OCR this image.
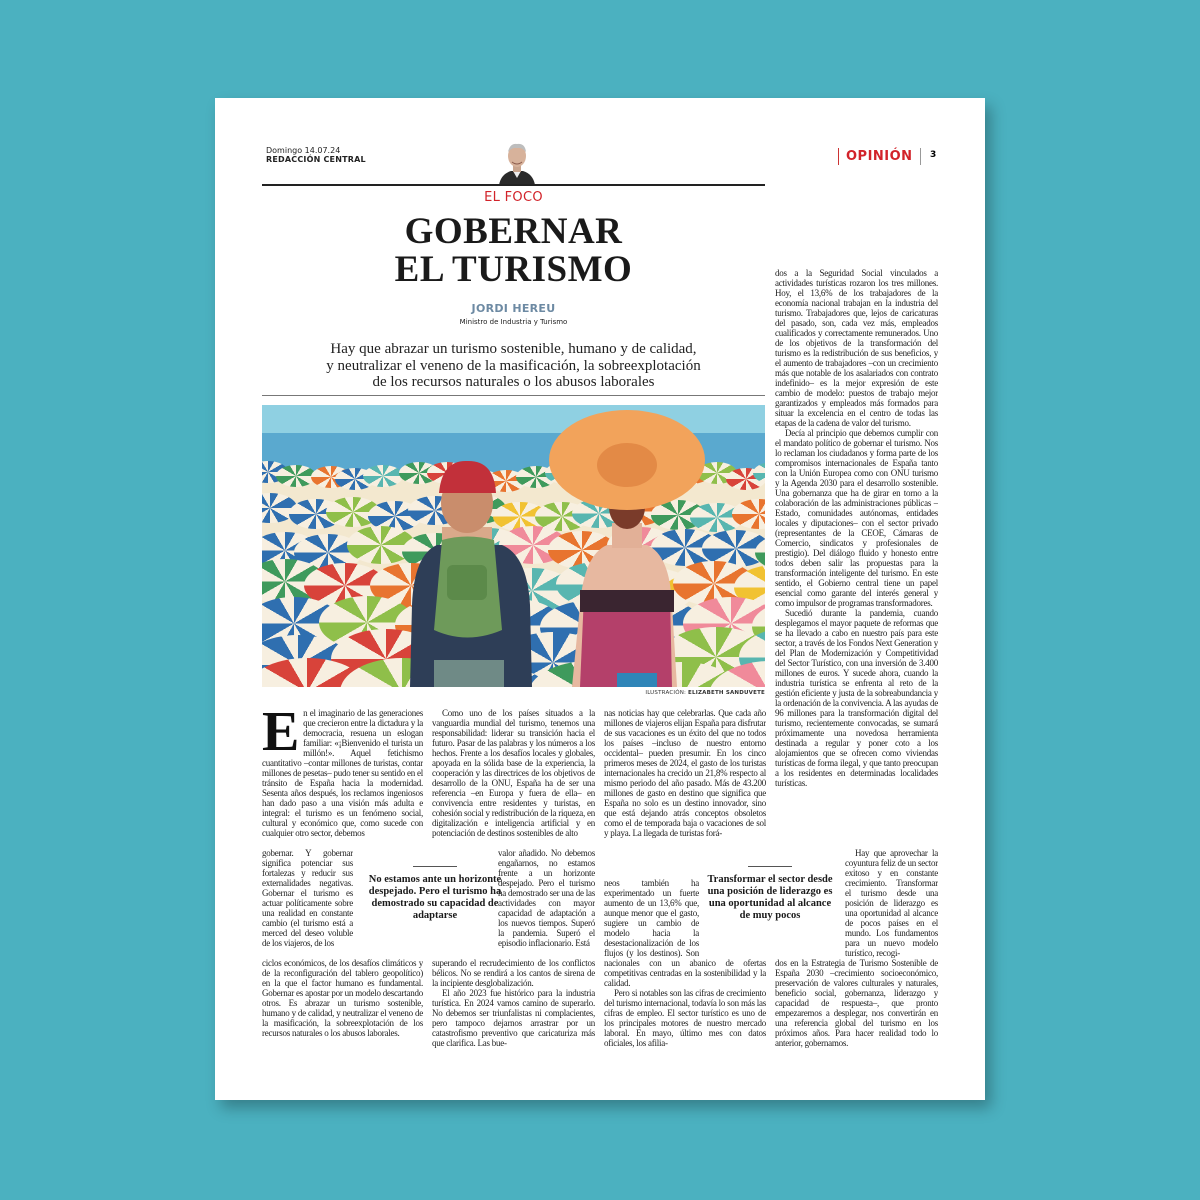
Domingo 14.07.24
REDACCIÓN CENTRAL	OPINIÓN	3
EL FOCO
GOBERNAR
EL TURISMO
JORDI HEREU
Ministro de Industria y Turismo
Hay que abrazar un turismo sostenible, humano y de calidad,
y neutralizar el veneno de la masificación, la sobreexplotación
de los recursos naturales o los abusos laborales
ILUSTRACIÓN: ELIZABETH SANDUVETE
E n el imaginario de las generaciones que crecieron entre la dictadura y la democracia, resuena un eslogan familiar: «¡Bienvenido el turista un millón!». Aquel fetichismo cuantitativo –contar millones de turistas, contar millones de pesetas– pudo tener su sentido en el tránsito de España hacia la modernidad. Sesenta años después, los reclamos ingeniosos han dado paso a una visión más adulta e integral: el turismo es un fenómeno social, cultural y económico que, como sucede con cualquier otro sector, debemos

gobernar. Y gobernar significa potenciar sus fortalezas y reducir sus externalidades negativas. Gobernar el turismo es actuar políticamente sobre una realidad en constante cambio (el turismo está a merced del deseo voluble de los viajeros, de los

ciclos económicos, de los desafíos climáticos y de la reconfiguración del tablero geopolítico) en la que el factor humano es fundamental. Gobernar es apostar por un modelo descartando otros. Es abrazar un turismo sostenible, humano y de calidad, y neutralizar el veneno de la masificación, la sobreexplotación de los recursos naturales o los abusos laborales.

Como uno de los países situados a la vanguardia mundial del turismo, tenemos una responsabilidad: liderar su transición hacia el futuro. Pasar de las palabras y los números a los hechos. Frente a los desafíos locales y globales, apoyada en la sólida base de la experiencia, la cooperación y las directrices de los objetivos de desarrollo de la ONU, España ha de ser una referencia –en Europa y fuera de ella– en convivencia entre residentes y turistas, en cohesión social y redistribución de la riqueza, en digitalización e inteligencia artificial y en potenciación de destinos sostenibles de alto

No estamos ante un horizonte despejado. Pero el turismo ha demostrado su capacidad de adaptarse

valor añadido. No debemos engañarnos, no estamos frente a un horizonte despejado. Pero el turismo ha demostrado ser una de las actividades con mayor capacidad de adaptación a los nuevos tiempos. Superó la pandemia. Superó el episodio inflacionario. Está

superando el recrudecimiento de los conflictos bélicos. No se rendirá a los cantos de sirena de la incipiente desglobalización.

El año 2023 fue histórico para la industria turística. En 2024 vamos camino de superarlo. No debemos ser triunfalistas ni complacientes, pero tampoco dejarnos arrastrar por un catastrofismo preventivo que caricaturiza más que clarifica. Las bue-

nas noticias hay que celebrarlas. Que cada año millones de viajeros elijan España para disfrutar de sus vacaciones es un éxito del que no todos los países –incluso de nuestro entorno occidental– pueden presumir. En los cinco primeros meses de 2024, el gasto de los turistas internacionales ha crecido un 21,8% respecto al mismo periodo del año pasado. Más de 43.200 millones de gasto en destino que significa que España no solo es un destino innovador, sino que está dejando atrás conceptos obsoletos como el de temporada baja o vacaciones de sol y playa. La llegada de turistas forá-

neos también ha experimentado un fuerte aumento de un 13,6% que, aunque menor que el gasto, sugiere un cambio de modelo hacia la desestacionalización de los flujos (y los destinos). Son

Transformar el sector desde una posición de liderazgo es una oportunidad al alcance de muy pocos

nacionales con un abanico de ofertas competitivas centradas en la sostenibilidad y la calidad.

Pero si notables son las cifras de crecimiento del turismo internacional, todavía lo son más las cifras de empleo. El sector turístico es uno de los principales motores de nuestro mercado laboral. En mayo, último mes con datos oficiales, los afilia-

dos a la Seguridad Social vinculados a actividades turísticas rozaron los tres millones. Hoy, el 13,6% de los trabajadores de la economía nacional trabajan en la industria del turismo. Trabajadores que, lejos de caricaturas del pasado, son, cada vez más, empleados cualificados y correctamente remunerados. Uno de los objetivos de la transformación del turismo es la redistribución de sus beneficios, y el aumento de trabajadores –con un crecimiento más que notable de los asalariados con contrato indefinido– es la mejor expresión de este cambio de modelo: puestos de trabajo mejor garantizados y empleados más formados para situar la excelencia en el centro de todas las etapas de la cadena de valor del turismo.

Decía al principio que debemos cumplir con el mandato político de gobernar el turismo. Nos lo reclaman los ciudadanos y forma parte de los compromisos internacionales de España tanto con la Unión Europea como con ONU turismo y la Agenda 2030 para el desarrollo sostenible. Una gobernanza que ha de girar en torno a la colaboración de las administraciones públicas –Estado, comunidades autónomas, entidades locales y diputaciones– con el sector privado (representantes de la CEOE, Cámaras de Comercio, sindicatos y profesionales de prestigio). Del diálogo fluido y honesto entre todos deben salir las propuestas para la transformación inteligente del turismo. En este sentido, el Gobierno central tiene un papel esencial como garante del interés general y como impulsor de programas transformadores.

Sucedió durante la pandemia, cuando desplegamos el mayor paquete de reformas que se ha llevado a cabo en nuestro país para este sector, a través de los Fondos Next Generation y del Plan de Modernización y Competitividad del Sector Turístico, con una inversión de 3.400 millones de euros. Y sucede ahora, cuando la industria turística se enfrenta al reto de la gestión eficiente y justa de la sobreabundancia y la ordenación de la convivencia. A las ayudas de 96 millones para la transformación digital del turismo, recientemente convocadas, se sumará próximamente una novedosa herramienta destinada a regular y poner coto a los alojamientos que se ofrecen como viviendas turísticas de forma ilegal, y que tanto preocupan a los residentes en determinadas localidades turísticas.

Hay que aprovechar la coyuntura feliz de un sector exitoso y en constante crecimiento. Transformar el turismo desde una posición de liderazgo es una oportunidad al alcance de pocos países en el mundo. Los fundamentos para un nuevo modelo turístico, recogi-

dos en la Estrategia de Turismo Sostenible de España 2030 –crecimiento socioeconómico, preservación de valores culturales y naturales, beneficio social, gobernanza, liderazgo y capacidad de respuesta–, que pronto empezaremos a desplegar, nos convertirán en una referencia global del turismo en los próximos años. Para hacer realidad todo lo anterior, gobernamos.
